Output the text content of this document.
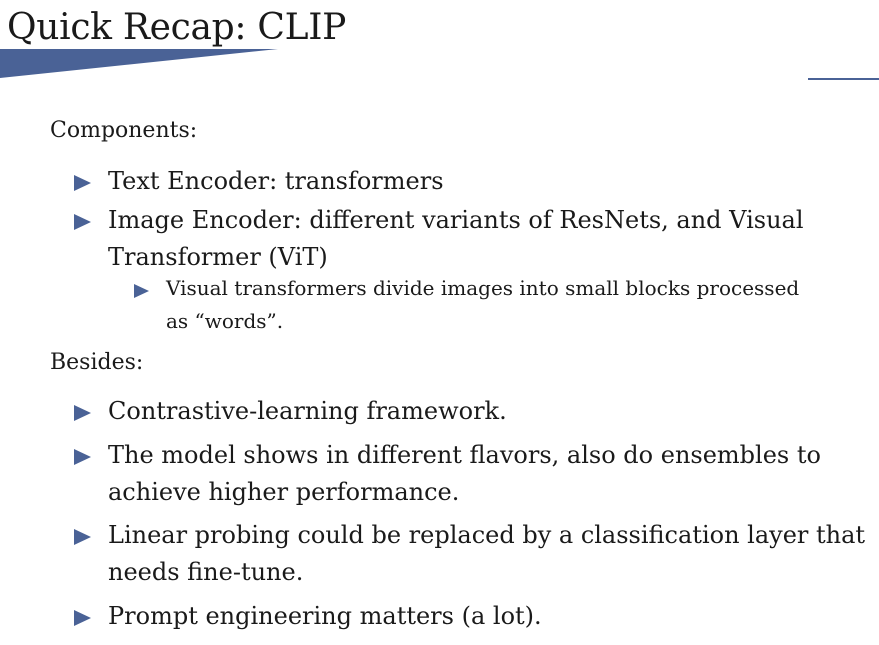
Quick Recap: CLIP
Components:
Text Encoder: transformers
Image Encoder: different variants of ResNets, and Visual Transformer (ViT)
Visual transformers divide images into small blocks processed as “words”.
Besides:
Contrastive-learning framework.
The model shows in different flavors, also do ensembles to achieve higher performance.
Linear probing could be replaced by a classification layer that needs fine-tune.
Prompt engineering matters (a lot).
